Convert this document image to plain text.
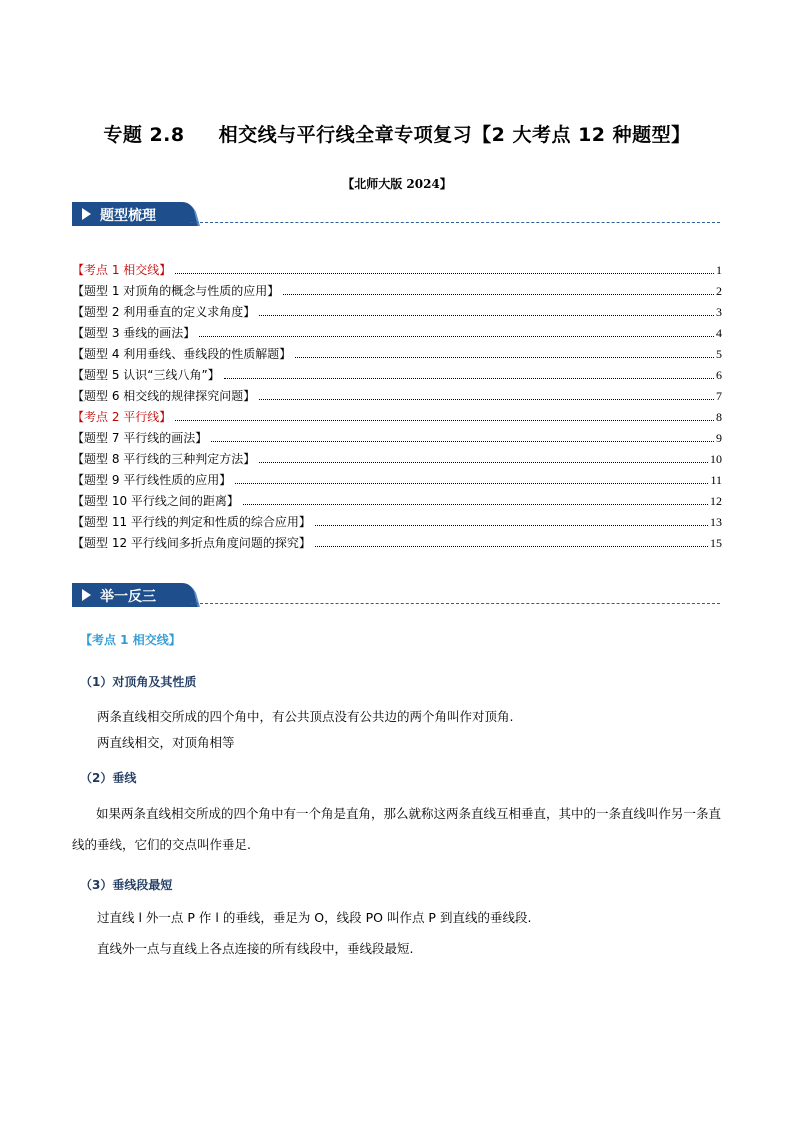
专题 2.8 相交线与平行线全章专项复习【2 大考点 12 种题型】
【北师大版 2024】
题型梳理
【考点 1 相交线】	1
【题型 1 对顶角的概念与性质的应用】	2
【题型 2 利用垂直的定义求角度】	3
【题型 3 垂线的画法】	4
【题型 4 利用垂线、垂线段的性质解题】	5
【题型 5 认识“三线八角”】	6
【题型 6 相交线的规律探究问题】	7
【考点 2 平行线】	8
【题型 7 平行线的画法】	9
【题型 8 平行线的三种判定方法】	10
【题型 9 平行线性质的应用】	11
【题型 10 平行线之间的距离】	12
【题型 11 平行线的判定和性质的综合应用】	13
【题型 12 平行线间多折点角度问题的探究】	15
举一反三
【考点 1 相交线】
（1）对顶角及其性质
两条直线相交所成的四个角中，有公共顶点没有公共边的两个角叫作对顶角.
两直线相交，对顶角相等
（2）垂线
如果两条直线相交所成的四个角中有一个角是直角，那么就称这两条直线互相垂直，其中的一条直线叫作另一条直线的垂线，它们的交点叫作垂足.
（3）垂线段最短
过直线 l 外一点 P 作 l 的垂线，垂足为 O，线段 PO 叫作点 P 到直线的垂线段.
直线外一点与直线上各点连接的所有线段中，垂线段最短.
